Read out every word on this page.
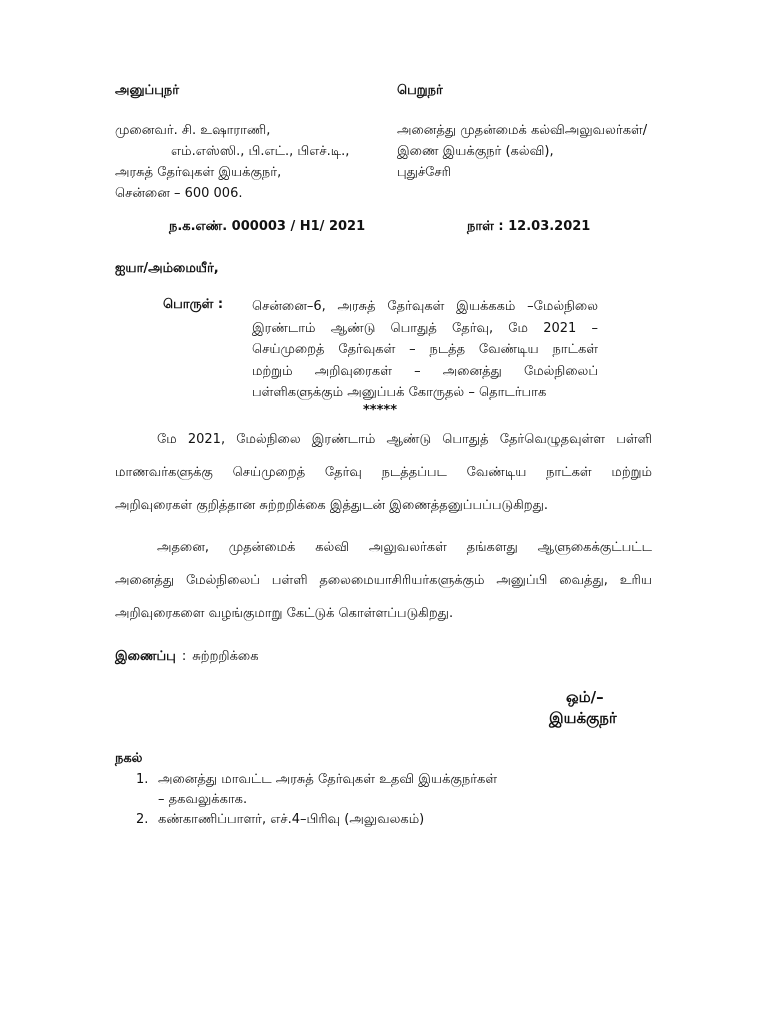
அனுப்புநர்	பெறுநர்
முனைவர். சி. உஷாராணி,
எம்.எஸ்ஸி., பி.எட்., பிஎச்.டி.,
அரசுத் தேர்வுகள் இயக்குநர்,
சென்னை – 600 006.
அனைத்து முதன்மைக் கல்விஅலுவலர்கள்/
இணை இயக்குநர் (கல்வி),
புதுச்சேரி
ந.க.எண். 000003 / H1/ 2021	நாள் : 12.03.2021
ஐயா/அம்மையீர்,
பொருள் : சென்னை–6, அரசுத் தேர்வுகள் இயக்ககம் –மேல்நிலை
இரண்டாம் ஆண்டு பொதுத் தேர்வு, மே 2021 –
செய்முறைத் தேர்வுகள் – நடத்த வேண்டிய நாட்கள்
மற்றும் அறிவுரைகள் – அனைத்து மேல்நிலைப்
பள்ளிகளுக்கும் அனுப்பக் கோருதல் – தொடர்பாக
*****
மே 2021, மேல்நிலை இரண்டாம் ஆண்டு பொதுத் தேர்வெழுதவுள்ள பள்ளி
மாணவர்களுக்கு செய்முறைத் தேர்வு நடத்தப்பட வேண்டிய நாட்கள் மற்றும்
அறிவுரைகள் குறித்தான சுற்றறிக்கை இத்துடன் இணைத்தனுப்பப்படுகிறது.
அதனை, முதன்மைக் கல்வி அலுவலர்கள் தங்களது ஆளுகைக்குட்பட்ட
அனைத்து மேல்நிலைப் பள்ளி தலைமையாசிரியர்களுக்கும் அனுப்பி வைத்து, உரிய
அறிவுரைகளை வழங்குமாறு கேட்டுக் கொள்ளப்படுகிறது.
இணைப்பு : சுற்றறிக்கை
ஒம்/–
இயக்குநர்
நகல்
1. அனைத்து மாவட்ட அரசுத் தேர்வுகள் உதவி இயக்குநர்கள்
– தகவலுக்காக.
2. கண்காணிப்பாளர், எச்.4–பிரிவு (அலுவலகம்)
